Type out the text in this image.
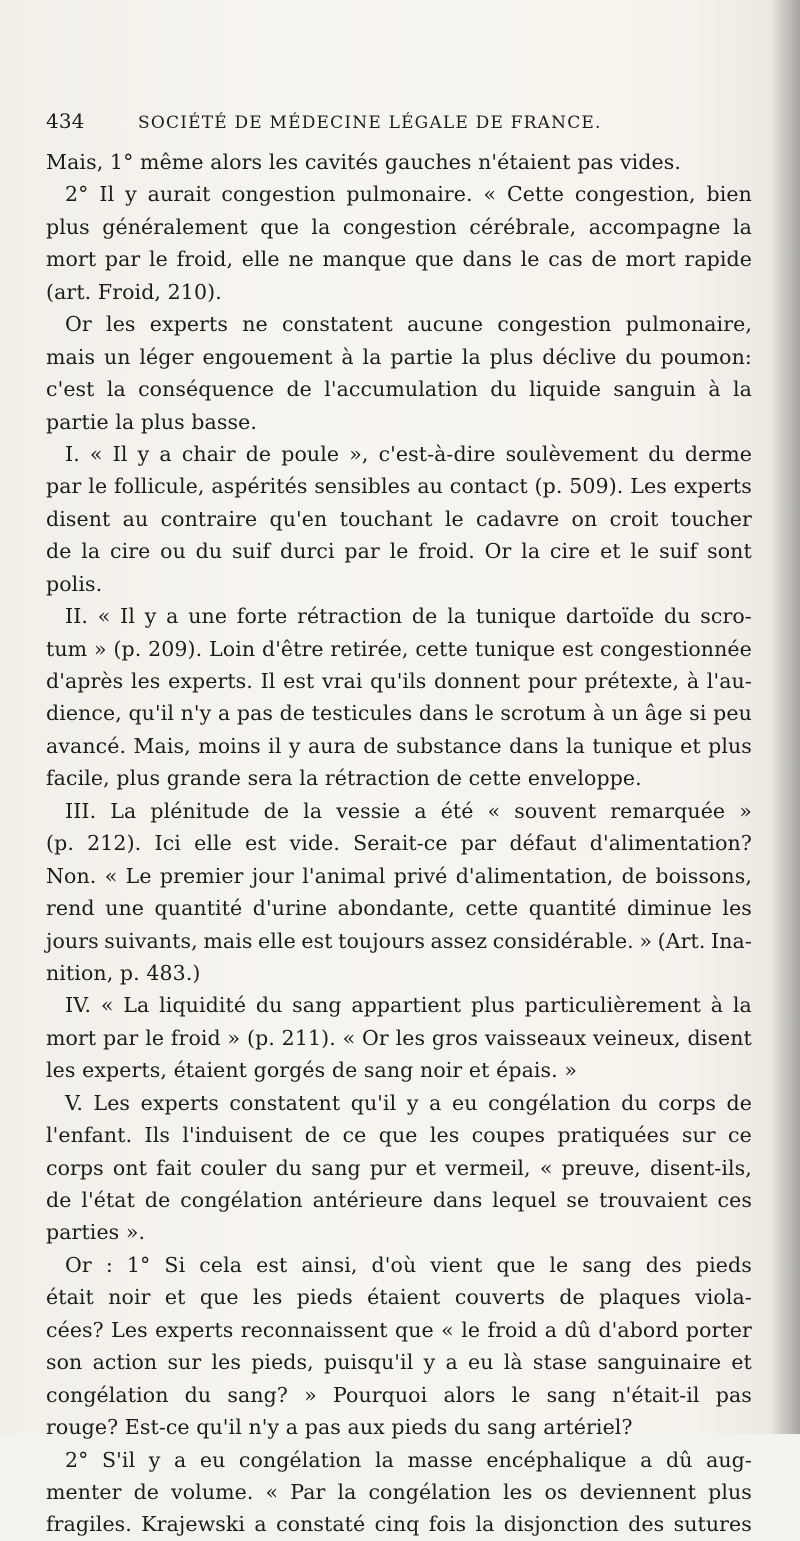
434	SOCIÉTÉ DE MÉDECINE LÉGALE DE FRANCE.
Mais, 1° même alors les cavités gauches n'étaient pas vides.
2° Il y aurait congestion pulmonaire. « Cette congestion, bien
plus généralement que la congestion cérébrale, accompagne la
mort par le froid, elle ne manque que dans le cas de mort rapide
(art. Froid, 210).
Or les experts ne constatent aucune congestion pulmonaire,
mais un léger engouement à la partie la plus déclive du poumon:
c'est la conséquence de l'accumulation du liquide sanguin à la
partie la plus basse.
I. « Il y a chair de poule », c'est-à-dire soulèvement du derme
par le follicule, aspérités sensibles au contact (p. 509). Les experts
disent au contraire qu'en touchant le cadavre on croit toucher
de la cire ou du suif durci par le froid. Or la cire et le suif sont
polis.
II. « Il y a une forte rétraction de la tunique dartoïde du scro-
tum » (p. 209). Loin d'être retirée, cette tunique est congestionnée
d'après les experts. Il est vrai qu'ils donnent pour prétexte, à l'au-
dience, qu'il n'y a pas de testicules dans le scrotum à un âge si peu
avancé. Mais, moins il y aura de substance dans la tunique et plus
facile, plus grande sera la rétraction de cette enveloppe.
III. La plénitude de la vessie a été « souvent remarquée »
(p. 212). Ici elle est vide. Serait-ce par défaut d'alimentation?
Non. « Le premier jour l'animal privé d'alimentation, de boissons,
rend une quantité d'urine abondante, cette quantité diminue les
jours suivants, mais elle est toujours assez considérable. » (Art. Ina-
nition, p. 483.)
IV. « La liquidité du sang appartient plus particulièrement à la
mort par le froid » (p. 211). « Or les gros vaisseaux veineux, disent
les experts, étaient gorgés de sang noir et épais. »
V. Les experts constatent qu'il y a eu congélation du corps de
l'enfant. Ils l'induisent de ce que les coupes pratiquées sur ce
corps ont fait couler du sang pur et vermeil, « preuve, disent-ils,
de l'état de congélation antérieure dans lequel se trouvaient ces
parties ».
Or : 1° Si cela est ainsi, d'où vient que le sang des pieds
était noir et que les pieds étaient couverts de plaques viola-
cées? Les experts reconnaissent que « le froid a dû d'abord porter
son action sur les pieds, puisqu'il y a eu là stase sanguinaire et
congélation du sang? » Pourquoi alors le sang n'était-il pas
rouge? Est-ce qu'il n'y a pas aux pieds du sang artériel?
2° S'il y a eu congélation la masse encéphalique a dû aug-
menter de volume. « Par la congélation les os deviennent plus
fragiles. Krajewski a constaté cinq fois la disjonction des sutures
